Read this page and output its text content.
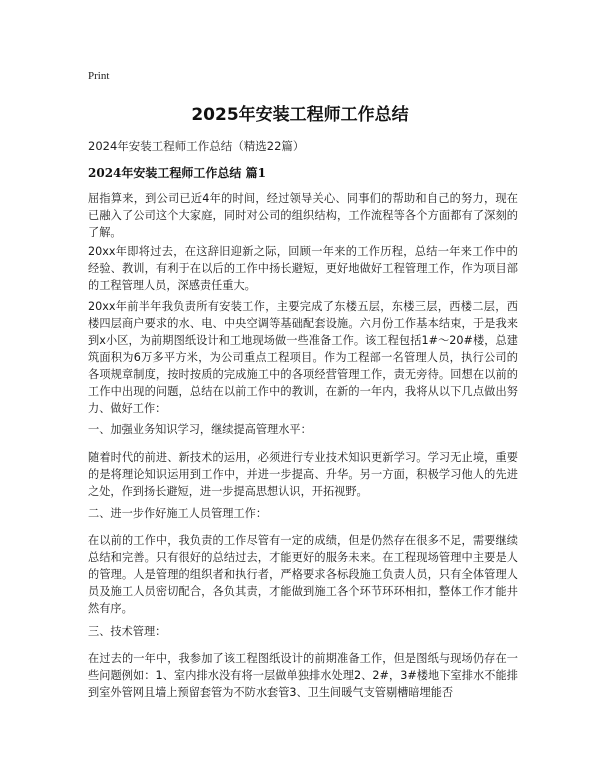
Print
2025年安装工程师工作总结
2024年安装工程师工作总结（精选22篇）
2024年安装工程师工作总结 篇1

屈指算来，到公司已近4年的时间，经过领导关心、同事们的帮助和自己的努力，现在已融入了公司这个大家庭，同时对公司的组织结构，工作流程等各个方面都有了深刻的了解。

20xx年即将过去，在这辞旧迎新之际，回顾一年来的工作历程，总结一年来工作中的经验、教训，有利于在以后的工作中扬长避短，更好地做好工程管理工作，作为项目部的工程管理人员，深感责任重大。

20xx年前半年我负责所有安装工作，主要完成了东楼五层，东楼三层，西楼二层，西楼四层商户要求的水、电、中央空调等基础配套设施。六月份工作基本结束，于是我来到x小区，为前期图纸设计和工地现场做一些准备工作。该工程包括1#～20#楼，总建筑面积为6万多平方米，为公司重点工程项目。作为工程部一名管理人员，执行公司的各项规章制度，按时按质的完成施工中的各项经营管理工作，责无旁待。回想在以前的工作中出现的问题，总结在以前工作中的教训，在新的一年内，我将从以下几点做出努力、做好工作：

一、加强业务知识学习，继续提高管理水平：

随着时代的前进、新技术的运用，必须进行专业技术知识更新学习。学习无止境，重要的是将理论知识运用到工作中，并进一步提高、升华。另一方面，积极学习他人的先进之处，作到扬长避短，进一步提高思想认识，开拓视野。

二、进一步作好施工人员管理工作：

在以前的工作中，我负责的工作尽管有一定的成绩，但是仍然存在很多不足，需要继续总结和完善。只有很好的总结过去，才能更好的服务未来。在工程现场管理中主要是人的管理。人是管理的组织者和执行者，严格要求各标段施工负责人员，只有全体管理人员及施工人员密切配合，各负其责，才能做到施工各个环节环环相扣，整体工作才能井然有序。

三、技术管理：

在过去的一年中，我参加了该工程图纸设计的前期准备工作，但是图纸与现场仍存在一些问题例如：1、室内排水没有将一层做单独排水处理2、2#，3#楼地下室排水不能排到室外管网且墙上预留套管为不防水套管3、卫生间暖气支管剔槽暗埋能否
